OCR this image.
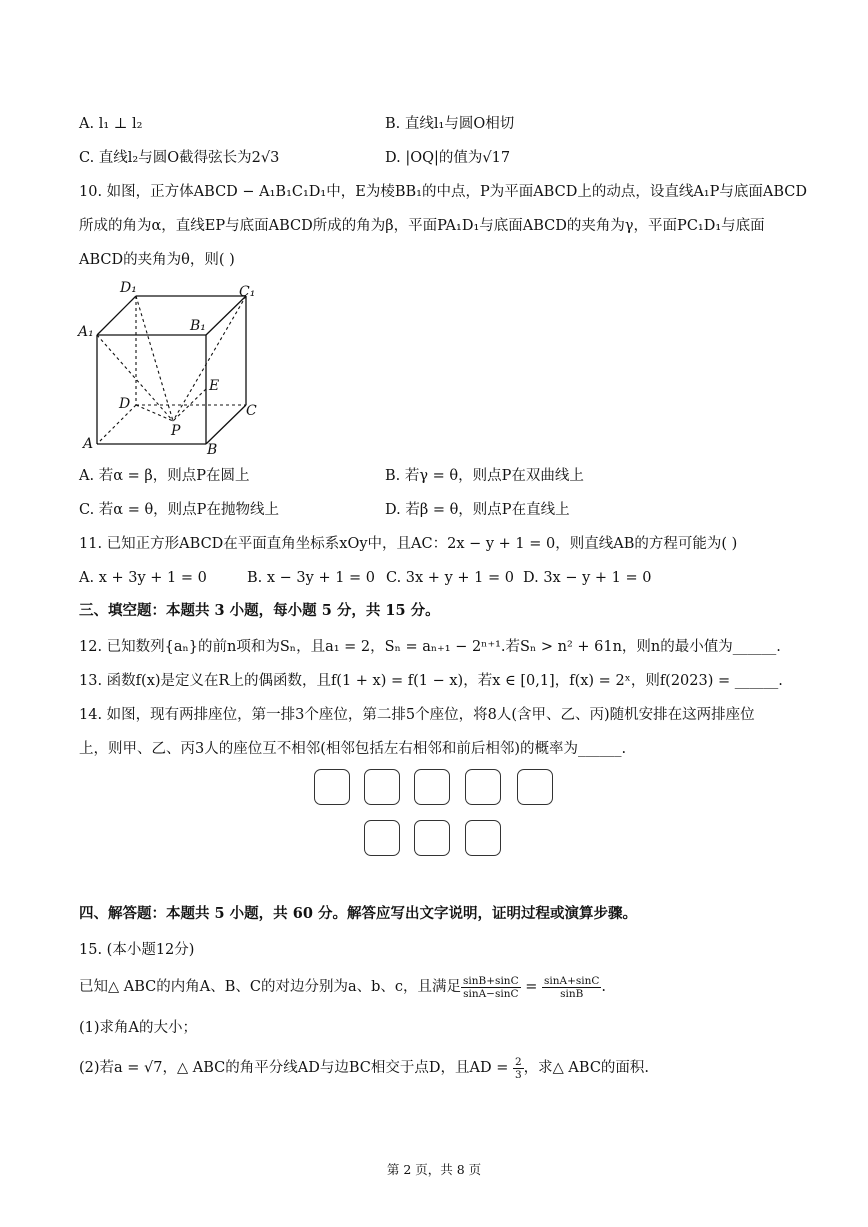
A. l₁ ⊥ l₂	B. 直线l₁与圆O相切
C. 直线l₂与圆O截得弦长为2√3	D. |OQ|的值为√17
10. 如图，正方体ABCD − A₁B₁C₁D₁中，E为棱BB₁的中点，P为平面ABCD上的动点，设直线A₁P与底面ABCD
所成的角为α，直线EP与底面ABCD所成的角为β，平面PA₁D₁与底面ABCD的夹角为γ，平面PC₁D₁与底面
ABCD的夹角为θ，则( )
D₁	C₁
A₁	B₁
E
D	C
P
A	B
A. 若α = β，则点P在圆上	B. 若γ = θ，则点P在双曲线上
C. 若α = θ，则点P在抛物线上	D. 若β = θ，则点P在直线上
11. 已知正方形ABCD在平面直角坐标系xOy中，且AC：2x − y + 1 = 0，则直线AB的方程可能为( )
A. x + 3y + 1 = 0	B. x − 3y + 1 = 0 C. 3x + y + 1 = 0 D. 3x − y + 1 = 0
三、填空题：本题共 3 小题，每小题 5 分，共 15 分。
12. 已知数列{aₙ}的前n项和为Sₙ，且a₁ = 2，Sₙ = aₙ₊₁ − 2ⁿ⁺¹.若Sₙ > n² + 61n，则n的最小值为______.
13. 函数f(x)是定义在R上的偶函数，且f(1 + x) = f(1 − x)，若x ∈ [0,1]，f(x) = 2ˣ，则f(2023) = ______.
14. 如图，现有两排座位，第一排3个座位，第二排5个座位，将8人(含甲、乙、丙)随机安排在这两排座位
上，则甲、乙、丙3人的座位互不相邻(相邻包括左右相邻和前后相邻)的概率为______.
四、解答题：本题共 5 小题，共 60 分。解答应写出文字说明，证明过程或演算步骤。
15. (本小题12分)
已知△ ABC的内角A、B、C的对边分别为a、b、c，且满足 $\frac{\sin B+\sin C}{\sin A-\sin C} = \frac{\sin A+\sin C}{\sin B}$ .
(1)求角A的大小；
(2)若a = √7，△ ABC的角平分线AD与边BC相交于点D，且AD = $\frac{2}{3}$ ，求△ ABC的面积.
第 2 页，共 8 页
